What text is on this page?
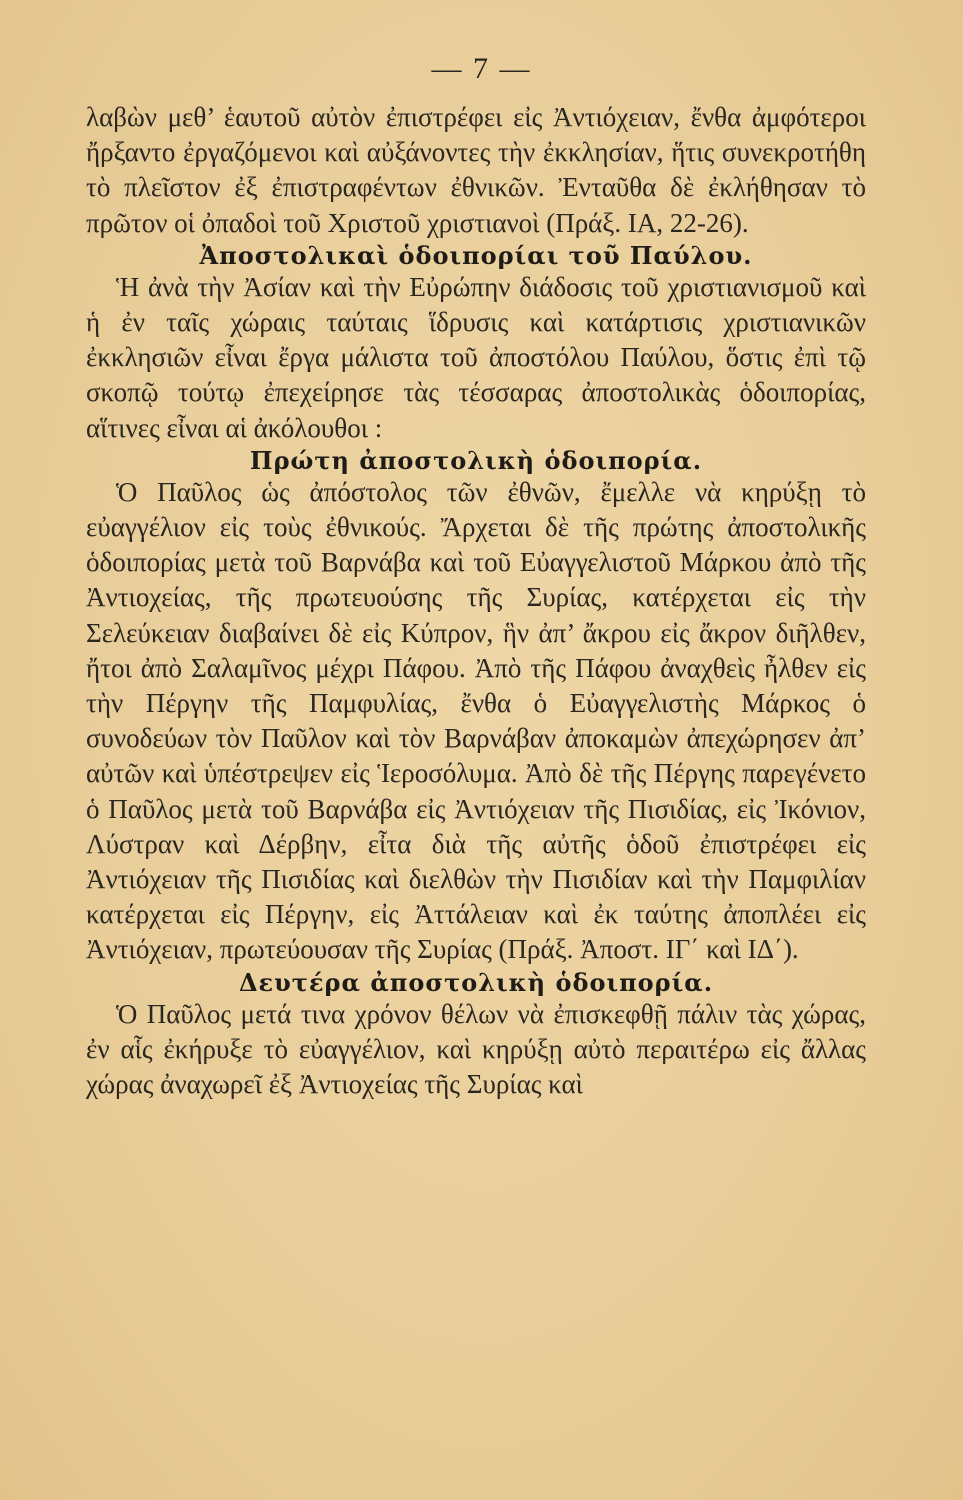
— 7 —

λαβὼν μεθ’ ἑαυτοῦ αὐτὸν ἐπιστρέφει εἰς Ἀντιόχειαν, ἔνθα ἀμφότεροι ἤρξαντο ἐργαζόμενοι καὶ αὐξάνοντες τὴν ἐκκλησίαν, ἥτις συνεκροτήθη τὸ πλεῖστον ἐξ ἐπιστραφέντων ἐθνικῶν. Ἐνταῦθα δὲ ἐκλήθησαν τὸ πρῶτον οἱ ὀπαδοὶ τοῦ Χριστοῦ χριστιανοὶ (Πράξ. ΙΑ, 22-26).

Ἀποστολικαὶ ὁδοιπορίαι τοῦ Παύλου.

Ἡ ἀνὰ τὴν Ἀσίαν καὶ τὴν Εὐρώπην διάδοσις τοῦ χριστιανισμοῦ καὶ ἡ ἐν ταῖς χώραις ταύταις ἵδρυσις καὶ κατάρτισις χριστιανικῶν ἐκκλησιῶν εἶναι ἔργα μάλιστα τοῦ ἀποστόλου Παύλου, ὅστις ἐπὶ τῷ σκοπῷ τούτῳ ἐπεχείρησε τὰς τέσσαρας ἀποστολικὰς ὁδοιπορίας, αἵτινες εἶναι αἱ ἀκόλουθοι :

Πρώτη ἀποστολικὴ ὁδοιπορία.

Ὁ Παῦλος ὡς ἀπόστολος τῶν ἐθνῶν, ἔμελλε νὰ κηρύξῃ τὸ εὐαγγέλιον εἰς τοὺς ἐθνικούς. Ἄρχεται δὲ τῆς πρώτης ἀποστολικῆς ὁδοιπορίας μετὰ τοῦ Βαρνάβα καὶ τοῦ Εὐαγγελιστοῦ Μάρκου ἀπὸ τῆς Ἀντιοχείας, τῆς πρωτευούσης τῆς Συρίας, κατέρχεται εἰς τὴν Σελεύκειαν διαβαίνει δὲ εἰς Κύπρον, ἣν ἀπ’ ἄκρου εἰς ἄκρον διῆλθεν, ἤτοι ἀπὸ Σαλαμῖνος μέχρι Πάφου. Ἀπὸ τῆς Πάφου ἀναχθεὶς ἦλθεν εἰς τὴν Πέργην τῆς Παμφυλίας, ἔνθα ὁ Εὐαγγελιστὴς Μάρκος ὁ συνοδεύων τὸν Παῦλον καὶ τὸν Βαρνάβαν ἀποκαμὼν ἀπεχώρησεν ἀπ’ αὐτῶν καὶ ὑπέστρεψεν εἰς Ἱεροσόλυμα. Ἀπὸ δὲ τῆς Πέργης παρεγένετο ὁ Παῦλος μετὰ τοῦ Βαρνάβα εἰς Ἀντιόχειαν τῆς Πισιδίας, εἰς Ἰκόνιον, Λύστραν καὶ Δέρβην, εἶτα διὰ τῆς αὐτῆς ὁδοῦ ἐπιστρέφει εἰς Ἀντιόχειαν τῆς Πισιδίας καὶ διελθὼν τὴν Πισιδίαν καὶ τὴν Παμφιλίαν κατέρχεται εἰς Πέργην, εἰς Ἀττάλειαν καὶ ἐκ ταύτης ἀποπλέει εἰς Ἀντιόχειαν, πρωτεύουσαν τῆς Συρίας (Πράξ. Ἀποστ. ΙΓ΄ καὶ ΙΔ΄).

Δευτέρα ἀποστολικὴ ὁδοιπορία.

Ὁ Παῦλος μετά τινα χρόνον θέλων νὰ ἐπισκεφθῇ πάλιν τὰς χώρας, ἐν αἷς ἐκήρυξε τὸ εὐαγγέλιον, καὶ κηρύξῃ αὐτὸ περαιτέρω εἰς ἄλλας χώρας ἀναχωρεῖ ἐξ Ἀντιοχείας τῆς Συρίας καὶ
